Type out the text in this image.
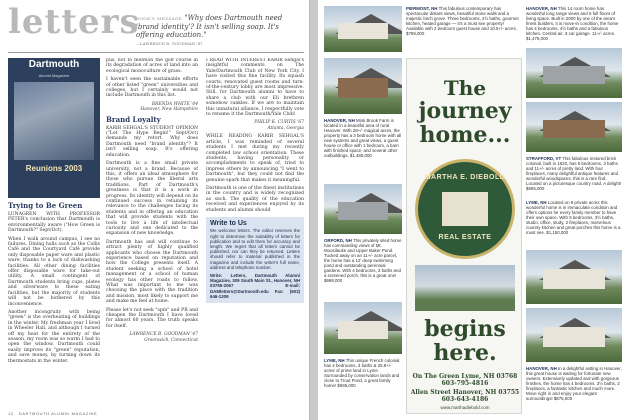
letters
BOOK'S MESSAGE "Why does Dartmouth need 'brand identity'? It isn't selling soap. It's offering education."
—LAWRENCE B. GOODMAN '47
Dartmouth
Alumni Magazine
Reunions 2003
Trying to Be Green
LUNAGREN WITH PROFESSOR PETER's conclusion that Dartmouth is environmentally aware ("How Green is Dartmouth?" Sept/Oct).
When I walk around campus, I see no failures. Dining halls such as the Collis Café and the Courtyard Café provide only disposable paper ware and plastic ware, thanks to a lack of dishwashing facilities. All other dining facilities offer disposable ware for take-out utility. A small contingent of Dartmouth students bring cups, plates and silverware to these eating facilities, but the majority of students will not be bothered by this inconvenience.
Another incongruity with being "green" is the overheating of buildings in the winter. My freshman year I lived in Wheeler Hall, and although I turned off my heat for the entirety of the season, my room was so warm I had to open the window. Dartmouth could easily improve its "green" reputation, and save money, by turning down its thermostats in the winter.
pus, not to mention the golf course in its degradation of acres of land into an ecological monoculture of grass.
I haven't seen the sustainable efforts of other listed "green" universities and colleges, but I certainly would not include Dartmouth in this list.
BRENDA WHITE '04
Hanover, New Hampshire
Brand Loyalty
KARIR SEHGAL'S STUDENT OPINION ("Let The Hype Begin!" Sept/Oct) demands my retort. Why does Dartmouth need "brand identity"? It isn't selling soap. It's offering education.
Dartmouth is a fine small private university, not a brand. Because of this, it offers an ideal atmosphere for those who pursue the liberal arts traditions. Part of Dartmouth's greatness is that it is a work in progress. Its identity will depend on its continued success in retaining its relevance to the challenges facing its students and in offering an education that will provide students with the tools to live a life of intellectual curiosity and one dedicated to the expansion of new knowledge.
Dartmouth has and will continue to attract plenty of highly qualified applicants who choose the Dartmouth experience based on reputation and how the College presents itself. A student seeking a school of hotel management or a school of human ecology has other roads to follow. What was important to me was choosing the place with the tradition and mission, most likely to support me and make me feel at home.
Please let's not seek "spin" and PR and cheapen the Dartmouth I have loved for almost 60 years. The truth speaks for itself.
LAWRENCE B. GOODMAN '47
Greenwich, Connecticut
I READ WITH INTEREST KARIR Sehgal's insightful comments on The Yale/Dartmouth Club of New York City. I have visited this fine facility. Its squash courts, renovated guest rooms and turn-of-the-century lobby are most impressive. Still, for Dartmouth alumni to have to share a club with our Eli brethren somehow rankles. If we are to maintain this unnatural alliance, I respectfully vote to rename it the Dartmouth/Yale Club!
PHILIP K. CURTIS '67
Atlanta, Georgia
WHILE READING KARIR SEHGAL'S article, I was reminded of several students I met during my recently completed law school orientation. These students, having personality or accomplishments to speak of, tried to impress others by announcing "I went to Dartmouth", but they could not find the genuine spark that makes it meaningful.
Dartmouth is one of the finest institutions in the country and is widely recognized as such. The quality of the education received and experiences enjoyed by its students and alumni should
Write to Us
We welcome letters. The editor reserves the right to determine the suitability of letters for publication and to edit them for accuracy and length. We regret that all letters cannot be published, nor can they be returned. Letters should refer to material published in the magazine and include the writer's full name, address and telephone number.
Write: Letters, Dartmouth Alumni Magazine, 309 South Main St., Hanover, NH 03755-2067 E-mail: DAMletters@Dartmouth.edu Fax: (603) 646-1209
12 DARTMOUTH ALUMNI MAGAZINE
PIERMONT, NH This fabulous contemporary has spectacular distant views, beautiful stone walls and a majestic birch grove. Three bedrooms, 2½ baths, gourmet kitchen, heated garage — it's a must see property! Available with 2 bedroom guest house and 10.5+/- acres. $799,000
HANOVER, NH Mink Brook Farm is located in a beautiful area of rural Hanover. With 28+/- magical acres, the property has a 3 bedroom home with all new systems and great views, a guest house or office with 1 bedroom, a barn with finished space, and several other outbuildings. $1,485,000
ORFORD, NH This privately sited home has commanding views of Mt. Moosilauke and Upper Baker Pond. Tucked away on an 11+/- acre parcel, the home has a 12' deep swimming pond and outstanding perennial gardens. With 4 bedrooms, 3 baths and a screened porch, this is a great one! $698,000
LYME, NH This unique French colonial has 4 bedrooms, 3 baths & 25.8+/- acres of prime land in Lyme. Surrounded by conservation lands and close to Trout Pond, a great family home! $695,000
The
journey
home...
MARTHA E. DIEBOLD
REAL ESTATE
begins
here.
On The Green Lyme, NH 03768 603-795-4816
Allen Street Hanover, NH 03755 603-643-4186
www.marthadiebold.com
HANOVER, NH This 14 room home has wonderful long range views and 5 full floors of living space. Built in 2000 by one of the area's finest builders, it is move-in condition, the home has 4 bedrooms, 4½ baths and a fabulous kitchen. Central air, 3-car garage. 11+/- acres. $1,475,000
STRAFFORD, VT This fabulous restored brick colonial, built in 1820, has 5 bedrooms, 3 baths and 11+/- acres of pretty land. With four fireplaces, many delightful antique features and wonderful woodspaces, this is a rare find. Located on a picturesque country road. A delight! $695,000
LYME, NH Located on 9 private acres this wonderful home is in immaculate condition and offers options for every family member to have their own space. With 5 bedrooms, 3½ baths, studio, office, study, 2 fireplaces, marvelous country kitchen and great porches this home is a must see. $1,150,000
HANOVER, NH In a delightful setting in Hanover, this great house is waiting for fortunate new owners. Extensively updated and with gorgeous finishes, the home has 4 bedrooms, 3½ baths, 2 fireplaces, a fantastic kitchen and much more. Move right in and enjoy your elegant surroundings! $875,000
